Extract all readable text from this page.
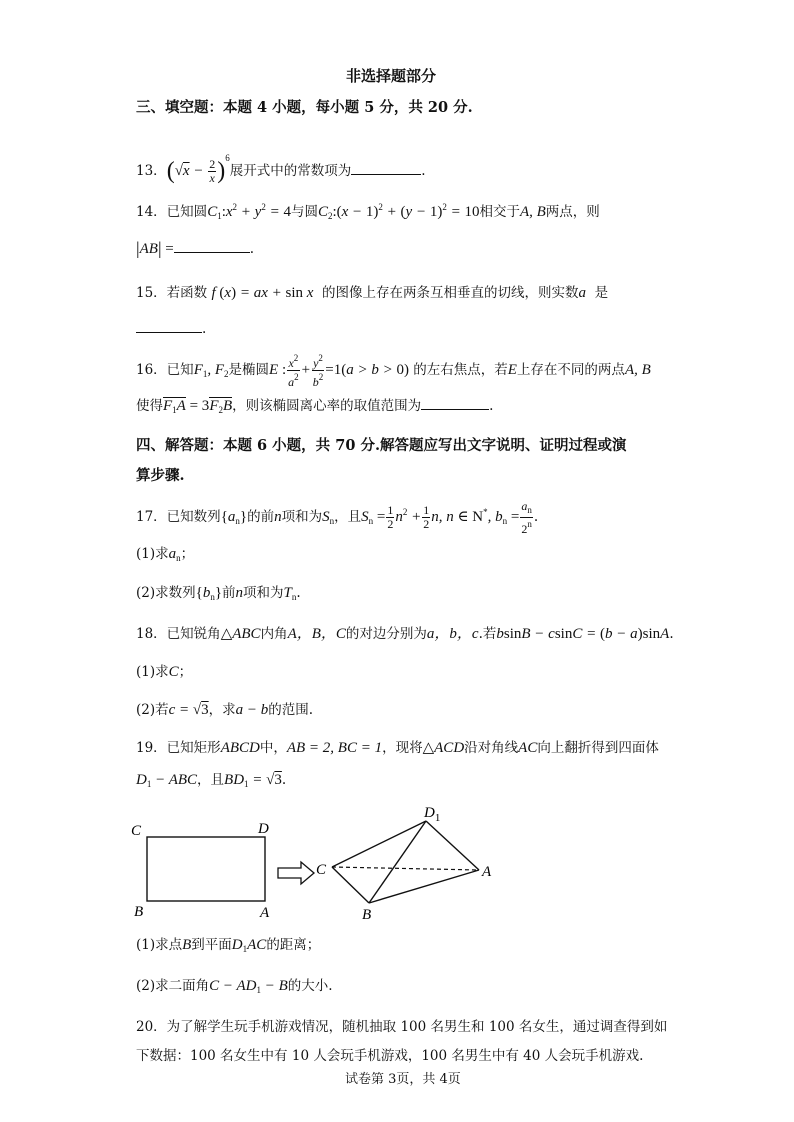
非选择题部分
三、填空题：本题 4 小题，每小题 5 分，共 20 分.
13．$(√x - \frac{2}{x} )^6$展开式中的常数项为	.
14．已知圆$C_1:x^2 + y^2 = 4$与圆$C_2:(x - 1)^2 + (y - 1)^2 = 10$相交于A, B两点，则
|AB| =	.
15．若函数 f (x) = ax + sin x 的图像上存在两条互相垂直的切线，则实数a 是
.
16．已知$F_1$, $F_2$是椭圆E : $\frac{x^2}{a^2} + \frac{y^2}{b^2} =1(a > b > 0)$ 的左右焦点，若E上存在不同的两点A, B
使得$F_1A = 3F_2B$，则该椭圆离心率的取值范围为	.
四、解答题：本题 6 小题，共 70 分.解答题应写出文字说明、证明过程或演
算步骤.
17．已知数列$\{a_n\}$的前n项和为$S_n$，且$S_n = \frac{1}{2} n^2 + \frac{1}{2} n$, n ∈ N*, $b_n = \frac{a_n}{2^n}$ .
(1)求$a_n$；
(2)求数列$\{b_n\}$前n项和为$T_n$.
18．已知锐角△ABC内角A，B，C的对边分别为a，b，c.若bsinB − csinC = (b − a)sinA.
(1)求C；
(2)若c = √3，求a − b的范围.
19．已知矩形ABCD中，AB = 2, BC = 1，现将△ACD沿对角线AC向上翻折得到四面体
$D_1$ − ABC，且$BD_1 = √3$.
C	D
B	A
C
$D_1$
A
B
(1)求点B到平面$D_1AC$的距离；
(2)求二面角$C - AD_1 - B$的大小.
20．为了解学生玩手机游戏情况，随机抽取 100 名男生和 100 名女生，通过调查得到如
下数据：100 名女生中有 10 人会玩手机游戏，100 名男生中有 40 人会玩手机游戏.
试卷第 3页，共 4页
